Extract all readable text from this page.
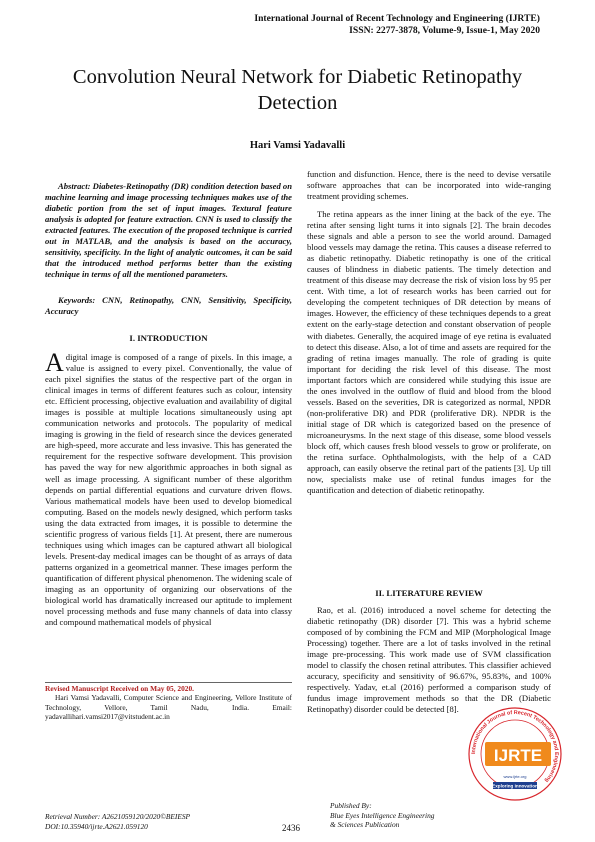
International Journal of Recent Technology and Engineering (IJRTE)
ISSN: 2277-3878, Volume-9, Issue-1, May 2020
Convolution Neural Network for Diabetic Retinopathy Detection
Hari Vamsi Yadavalli
Abstract: Diabetes-Retinopathy (DR) condition detection based on machine learning and image processing techniques makes use of the diabetic portion from the set of input images. Textural feature analysis is adopted for feature extraction. CNN is used to classify the extracted features. The execution of the proposed technique is carried out in MATLAB, and the analysis is based on the accuracy, sensitivity, specificity. In the light of analytic outcomes, it can be said that the introduced method performs better than the existing technique in terms of all the mentioned parameters.
Keywords: CNN, Retinopathy, CNN, Sensitivity, Specificity, Accuracy
I. INTRODUCTION
A digital image is composed of a range of pixels. In this image, a value is assigned to every pixel. Conventionally, the value of each pixel signifies the status of the respective part of the organ in clinical images in terms of different features such as colour, intensity etc. Efficient processing, objective evaluation and availability of digital images is possible at multiple locations simultaneously using apt communication networks and protocols. The popularity of medical imaging is growing in the field of research since the devices generated are high-speed, more accurate and less invasive. This has generated the requirement for the respective software development. This provision has paved the way for new algorithmic approaches in both signal as well as image processing. A significant number of these algorithm depends on partial differential equations and curvature driven flows. Various mathematical models have been used to develop biomedical computing. Based on the models newly designed, which perform tasks using the data extracted from images, it is possible to determine the scientific progress of various fields [1]. At present, there are numerous techniques using which images can be captured athwart all biological levels. Present-day medical images can be thought of as arrays of data patterns organized in a geometrical manner. These images perform the quantification of different physical phenomenon. The widening scale of imaging as an opportunity of organizing our observations of the biological world has dramatically increased our aptitude to implement novel processing methods and fuse many channels of data into classy and compound mathematical models of physical
Revised Manuscript Received on May 05, 2020.
Hari Vamsi Yadavalli, Computer Science and Engineering, Vellore Institute of Technology, Vellore, Tamil Nadu, India. Email: yadavallihari.vamsi2017@vitstudent.ac.in
function and disfunction. Hence, there is the need to devise versatile software approaches that can be incorporated into wide-ranging treatment providing schemes.
The retina appears as the inner lining at the back of the eye. The retina after sensing light turns it into signals [2]. The brain decodes these signals and able a person to see the world around. Damaged blood vessels may damage the retina. This causes a disease referred to as diabetic retinopathy. Diabetic retinopathy is one of the critical causes of blindness in diabetic patients. The timely detection and treatment of this disease may decrease the risk of vision loss by 95 per cent. With time, a lot of research works has been carried out for developing the competent techniques of DR detection by means of images. However, the efficiency of these techniques depends to a great extent on the early-stage detection and constant observation of people with diabetes. Generally, the acquired image of eye retina is evaluated to detect this disease. Also, a lot of time and assets are required for the grading of retina images manually. The role of grading is quite important for deciding the risk level of this disease. The most important factors which are considered while studying this issue are the ones involved in the outflow of fluid and blood from the blood vessels. Based on the severities, DR is categorized as normal, NPDR (non-proliferative DR) and PDR (proliferative DR). NPDR is the initial stage of DR which is categorized based on the presence of microaneurysms. In the next stage of this disease, some blood vessels block off, which causes fresh blood vessels to grow or proliferate, on the retina surface. Ophthalmologists, with the help of a CAD approach, can easily observe the retinal part of the patients [3]. Up till now, specialists make use of retinal fundus images for the quantification and detection of diabetic retinopathy.
II. LITERATURE REVIEW
Rao, et al. (2016) introduced a novel scheme for detecting the diabetic retinopathy (DR) disorder [7]. This was a hybrid scheme composed of by combining the FCM and MIP (Morphological Image Processing) together. There are a lot of tasks involved in the retinal image pre-processing. This work made use of SVM classification model to classify the chosen retinal attributes. This classifier achieved accuracy, specificity and sensitivity of 96.67%, 95.83%, and 100% respectively. Yadav, et.al (2016) performed a comparison study of fundus image improvement methods so that the DR (Diabetic Retinopathy) disorder could be detected [8].
International Journal of Recent Technology and Engineering
IJRTE
www.ijrte.org
Exploring Innovation
Retrieval Number: A2621059120/2020©BEIESP
DOI:10.35940/ijrte.A2621.059120	2436
Published By:
Blue Eyes Intelligence Engineering
& Sciences Publication
